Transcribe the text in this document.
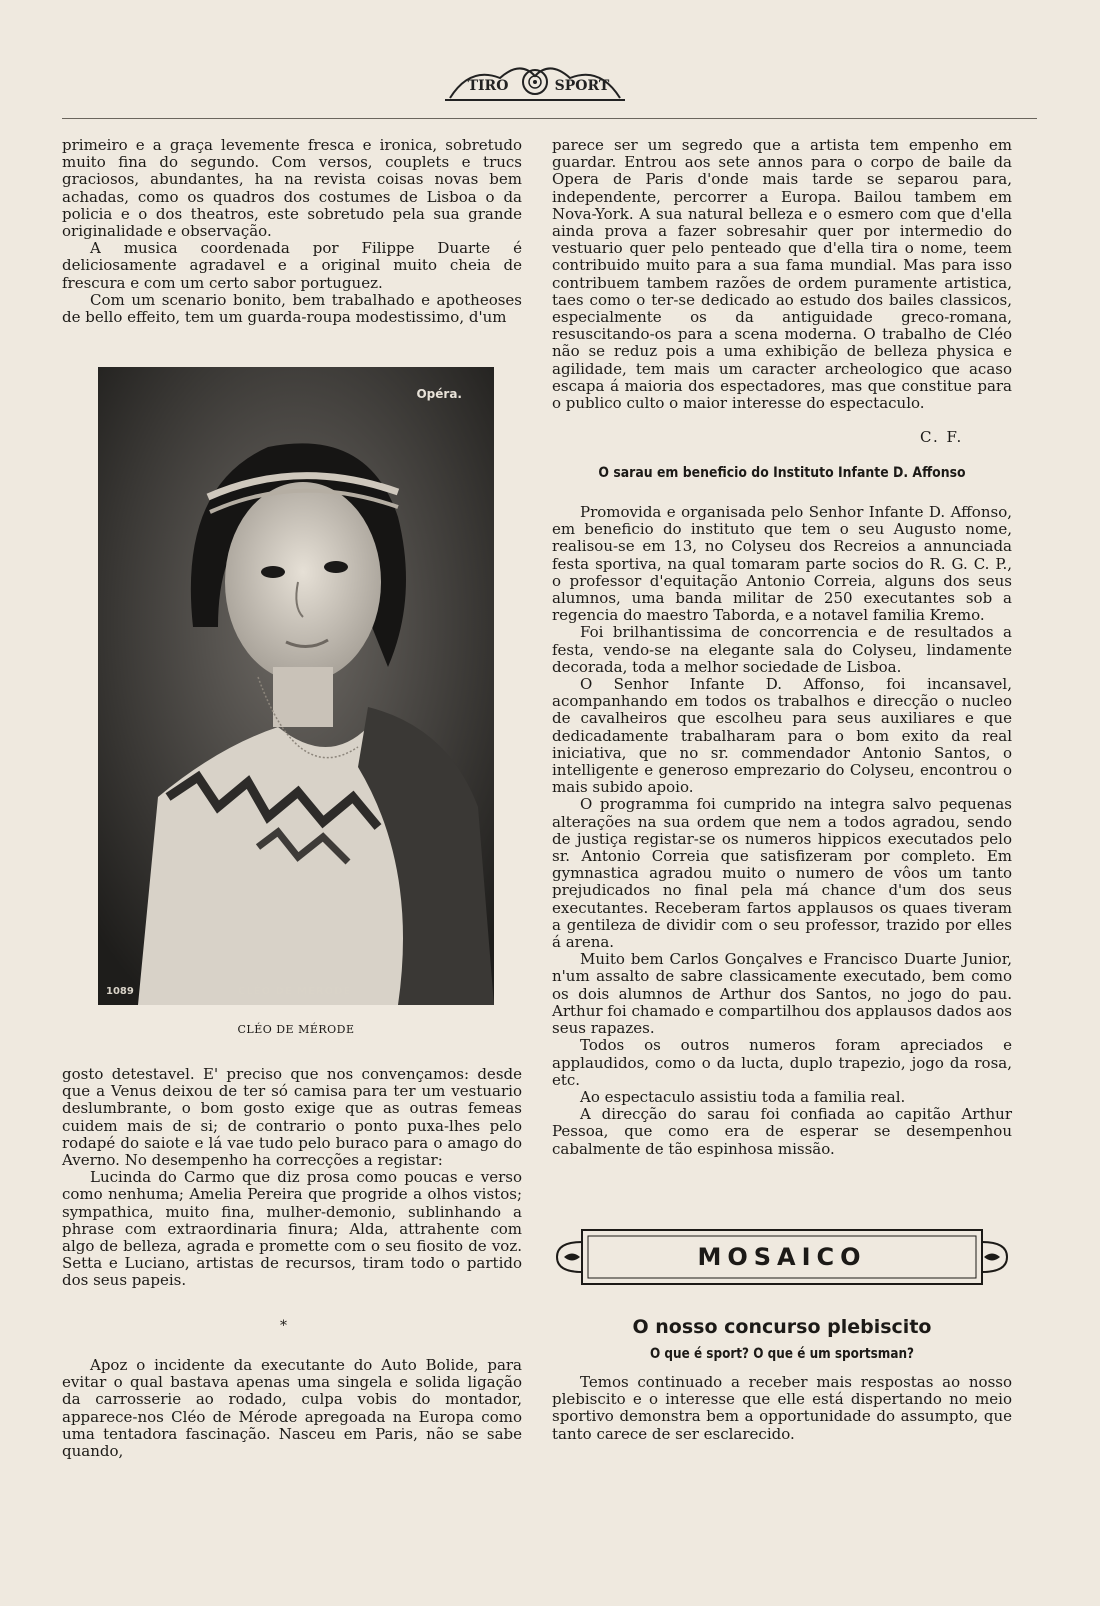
TIRO	SPORT

primeiro e a graça levemente fresca e ironica, sobretudo muito fina do segundo. Com versos, couplets e trucs graciosos, abundantes, ha na revista coisas novas bem achadas, como os quadros dos costumes de Lisboa o da policia e o dos theatros, este sobretudo pela sua grande originalidade e observação.

A musica coordenada por Filippe Duarte é deliciosamente agradavel e a original muito cheia de frescura e com um certo sabor portuguez.

Com um scenario bonito, bem trabalhado e apotheoses de bello effeito, tem um guarda-roupa modestissimo, d'um

Opéra.
1089	CLÉO DE MÉRODE
CLÉO DE MÉRODE

gosto detestavel. E' preciso que nos convençamos: desde que a Venus deixou de ter só camisa para ter um vestuario deslumbrante, o bom gosto exige que as outras femeas cuidem mais de si; de contrario o ponto puxa-lhes pelo rodapé do saiote e lá vae tudo pelo buraco para o amago do Averno. No desempenho ha correcções a registar:

Lucinda do Carmo que diz prosa como poucas e verso como nenhuma; Amelia Pereira que progride a olhos vistos; sympathica, muito fina, mulher-demonio, sublinhando a phrase com extraordinaria finura; Alda, attrahente com algo de belleza, agrada e promette com o seu fiosito de voz. Setta e Luciano, artistas de recursos, tiram todo o partido dos seus papeis.

*

Apoz o incidente da executante do Auto Bolide, para evitar o qual bastava apenas uma singela e solida ligação da carrosserie ao rodado, culpa vobis do montador, apparece-nos Cléo de Mérode apregoada na Europa como uma tentadora fascinação. Nasceu em Paris, não se sabe quando,

parece ser um segredo que a artista tem empenho em guardar. Entrou aos sete annos para o corpo de baile da Opera de Paris d'onde mais tarde se separou para, independente, percorrer a Europa. Bailou tambem em Nova-York. A sua natural belleza e o esmero com que d'ella ainda prova a fazer sobresahir quer por intermedio do vestuario quer pelo penteado que d'ella tira o nome, teem contribuido muito para a sua fama mundial. Mas para isso contribuem tambem razões de ordem puramente artistica, taes como o ter-se dedicado ao estudo dos bailes classicos, especialmente os da antiguidade greco-romana, resuscitando-os para a scena moderna. O trabalho de Cléo não se reduz pois a uma exhibição de belleza physica e agilidade, tem mais um caracter archeologico que acaso escapa á maioria dos espectadores, mas que constitue para o publico culto o maior interesse do espectaculo.

C. F.
O sarau em beneficio do Instituto Infante D. Affonso

Promovida e organisada pelo Senhor Infante D. Affonso, em beneficio do instituto que tem o seu Augusto nome, realisou-se em 13, no Colyseu dos Recreios a annunciada festa sportiva, na qual tomaram parte socios do R. G. C. P., o professor d'equitação Antonio Correia, alguns dos seus alumnos, uma banda militar de 250 executantes sob a regencia do maestro Taborda, e a notavel familia Kremo.

Foi brilhantissima de concorrencia e de resultados a festa, vendo-se na elegante sala do Colyseu, lindamente decorada, toda a melhor sociedade de Lisboa.

O Senhor Infante D. Affonso, foi incansavel, acompanhando em todos os trabalhos e direcção o nucleo de cavalheiros que escolheu para seus auxiliares e que dedicadamente trabalharam para o bom exito da real iniciativa, que no sr. commendador Antonio Santos, o intelligente e generoso emprezario do Colyseu, encontrou o mais subido apoio.

O programma foi cumprido na integra salvo pequenas alterações na sua ordem que nem a todos agradou, sendo de justiça registar-se os numeros hippicos executados pelo sr. Antonio Correia que satisfizeram por completo. Em gymnastica agradou muito o numero de vôos um tanto prejudicados no final pela má chance d'um dos seus executantes. Receberam fartos applausos os quaes tiveram a gentileza de dividir com o seu professor, trazido por elles á arena.

Muito bem Carlos Gonçalves e Francisco Duarte Junior, n'um assalto de sabre classicamente executado, bem como os dois alumnos de Arthur dos Santos, no jogo do pau. Arthur foi chamado e compartilhou dos applausos dados aos seus rapazes.

Todos os outros numeros foram apreciados e applaudidos, como o da lucta, duplo trapezio, jogo da rosa, etc.

Ao espectaculo assistiu toda a familia real.

A direcção do sarau foi confiada ao capitão Arthur Pessoa, que como era de esperar se desempenhou cabalmente de tão espinhosa missão.

MOSAICO
O nosso concurso plebiscito
O que é sport? O que é um sportsman?

Temos continuado a receber mais respostas ao nosso plebiscito e o interesse que elle está dispertando no meio sportivo demonstra bem a opportunidade do assumpto, que tanto carece de ser esclarecido.
